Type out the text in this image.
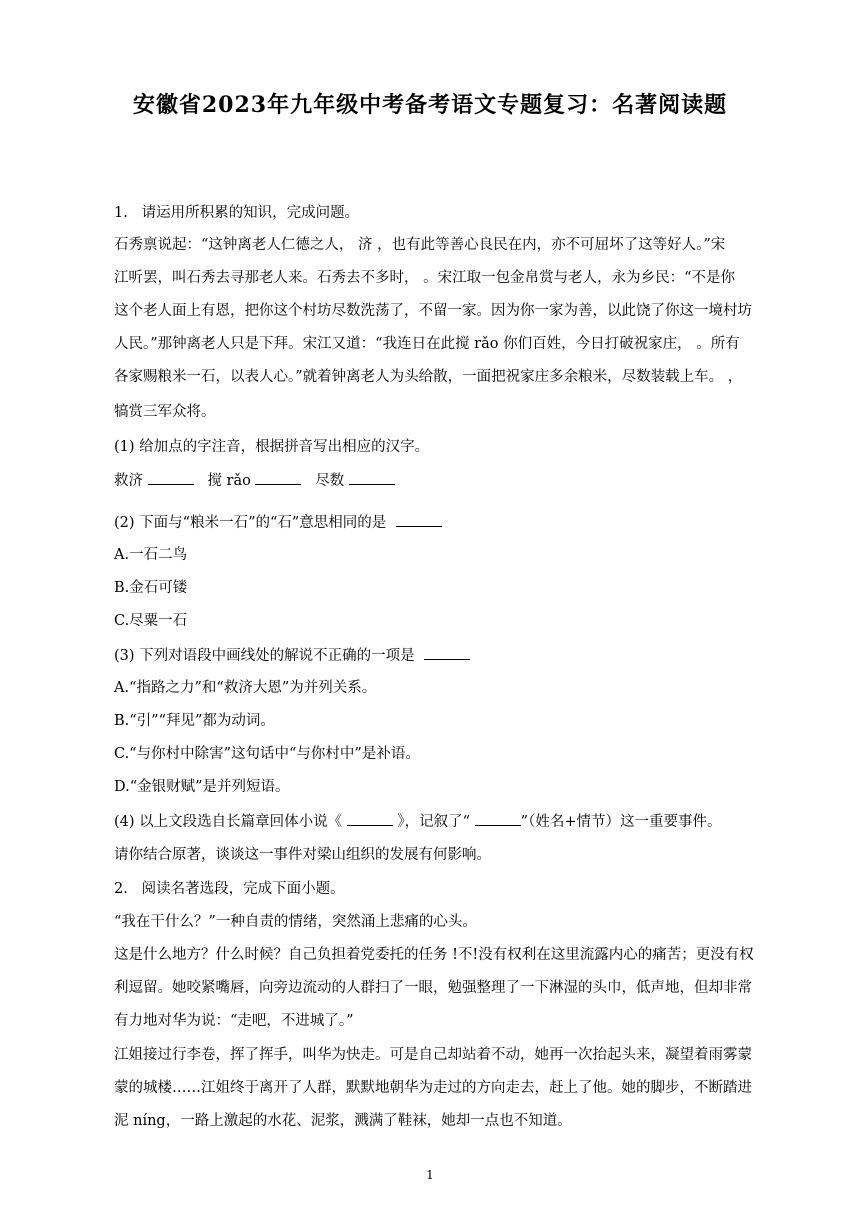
安徽省2023年九年级中考备考语文专题复习：名著阅读题
1. 请运用所积累的知识，完成问题。
石秀禀说起：“这钟离老人仁德之人， 济 ，也有此等善心良民在内，亦不可屈坏了这等好人。”宋
江听罢，叫石秀去寻那老人来。石秀去不多时， 。宋江取一包金帛赏与老人，永为乡民：“不是你
这个老人面上有恩，把你这个村坊尽数洗荡了，不留一家。因为你一家为善，以此饶了你这一境村坊
人民。”那钟离老人只是下拜。宋江又道：“我连日在此搅 rǎo 你们百姓，今日打破祝家庄， 。所有
各家赐粮米一石，以表人心。”就着钟离老人为头给散，一面把祝家庄多余粮米，尽数装载上车。 ，
犒赏三军众将。
(1) 给加点的字注音，根据拼音写出相应的汉字。
救济	搅 rǎo	尽数
(2) 下面与“粮米一石”的“石”意思相同的是
A.一石二鸟
B.金石可镂
C.尽粟一石
(3) 下列对语段中画线处的解说不正确的一项是
A.“指路之力”和“救济大恩”为并列关系。
B.“引”“拜见”都为动词。
C.“与你村中除害”这句话中“与你村中”是补语。
D.“金银财赋”是并列短语。
(4) 以上文段选自长篇章回体小说《	》，记叙了“	”（姓名+情节）这一重要事件。
请你结合原著，谈谈这一事件对梁山组织的发展有何影响。
2. 阅读名著选段，完成下面小题。
“我在干什么？”一种自责的情绪，突然涌上悲痛的心头。
这是什么地方？什么时候？自己负担着党委托的任务 !不!没有权利在这里流露内心的痛苦；更没有权
利逗留。她咬紧嘴唇，向旁边流动的人群扫了一眼，勉强整理了一下淋湿的头巾，低声地，但却非常
有力地对华为说：“走吧，不进城了。”
江姐接过行李卷，挥了挥手，叫华为快走。可是自己却站着不动，她再一次抬起头来，凝望着雨雾蒙
蒙的城楼……江姐终于离开了人群，默默地朝华为走过的方向走去，赶上了他。她的脚步，不断踏进
泥 níng，一路上激起的水花、泥浆，溅满了鞋袜，她却一点也不知道。
1
